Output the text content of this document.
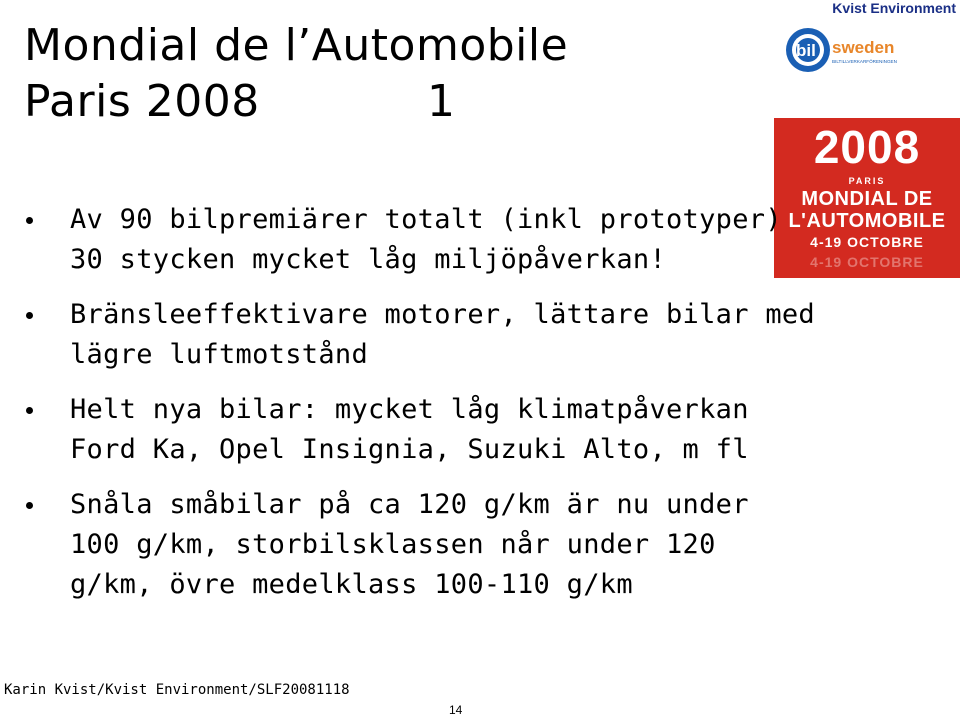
Mondial de l’Automobile
Paris 2008	1
Kvist Environment
bil sweden
BILTILLVERKARFÖRENINGEN
2008
PARIS
MONDIAL DE
L'AUTOMOBILE
4-19 OCTOBRE
4-19 OCTOBRE
Av 90 bilpremiärer totalt (inkl prototyper)
30 stycken mycket låg miljöpåverkan!
Bränsleeffektivare motorer, lättare bilar med
lägre luftmotstånd
Helt nya bilar: mycket låg klimatpåverkan
Ford Ka, Opel Insignia, Suzuki Alto, m fl
Snåla småbilar på ca 120 g/km är nu under
100 g/km, storbilsklassen når under 120
g/km, övre medelklass 100-110 g/km
Karin Kvist/Kvist Environment/SLF20081118
14
